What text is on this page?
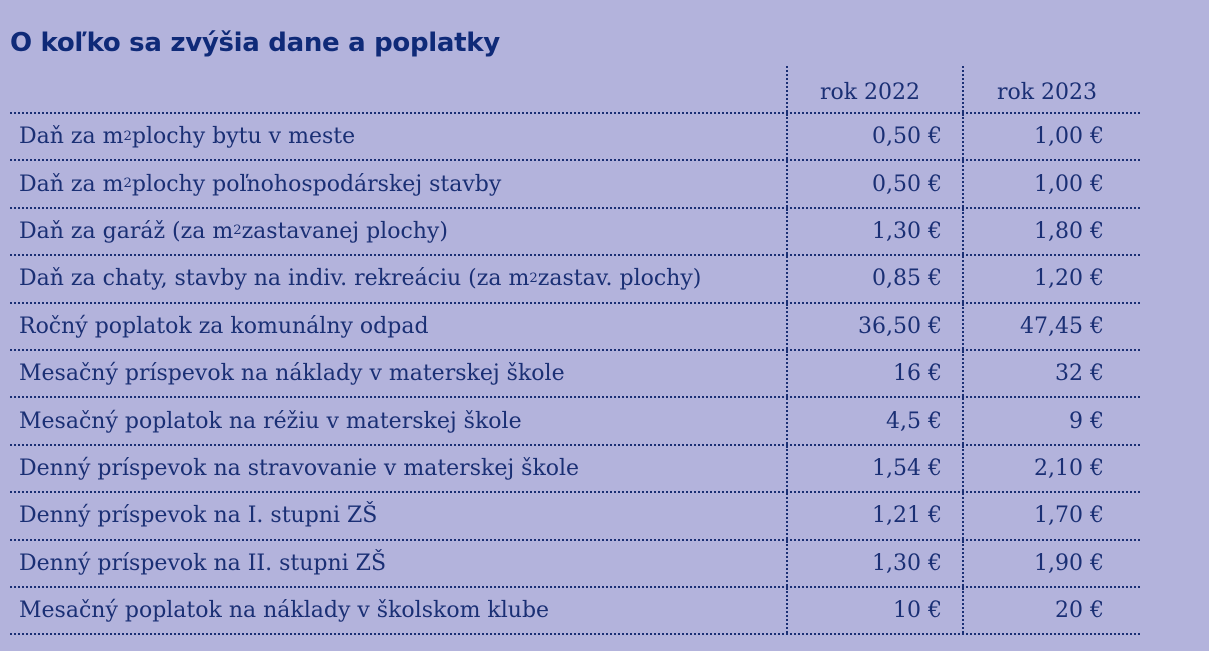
O koľko sa zvýšia dane a poplatky
rok 2022	rok 2023
Daň za m 2 plochy bytu v meste	0,50 €	1,00 €
Daň za m 2 plochy poľnohospodárskej stavby	0,50 €	1,00 €
Daň za garáž (za m 2 zastavanej plochy)	1,30 €	1,80 €
Daň za chaty, stavby na indiv. rekreáciu (za m 2 zastav. plochy)	0,85 €	1,20 €
Ročný poplatok za komunálny odpad	36,50 €	47,45 €
Mesačný príspevok na náklady v materskej škole	16 €	32 €
Mesačný poplatok na réžiu v materskej škole	4,5 €	9 €
Denný príspevok na stravovanie v materskej škole	1,54 €	2,10 €
Denný príspevok na I. stupni ZŠ	1,21 €	1,70 €
Denný príspevok na II. stupni ZŠ	1,30 €	1,90 €
Mesačný poplatok na náklady v školskom klube	10 €	20 €
